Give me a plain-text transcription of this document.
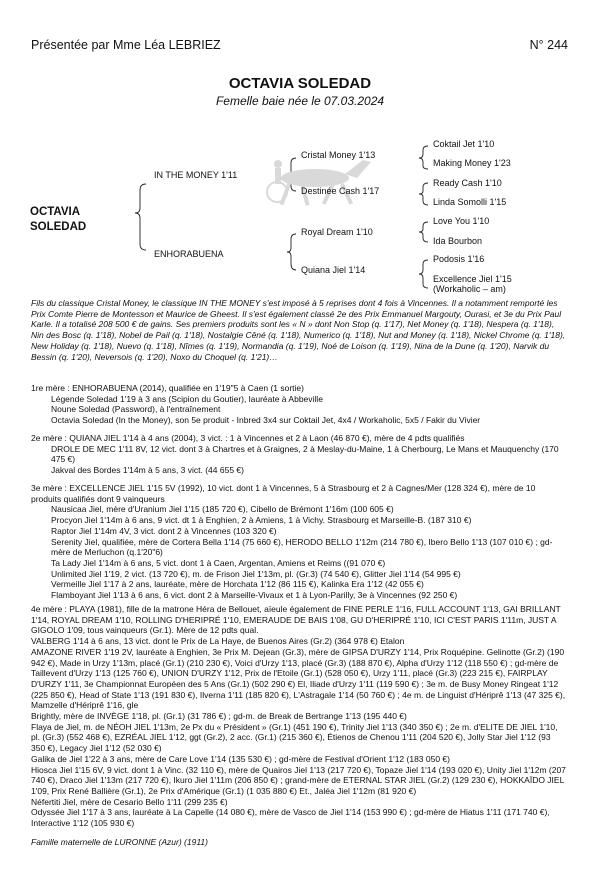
Présentée par Mme Léa LEBRIEZ	N° 244
OCTAVIA SOLEDAD
Femelle baie née le 07.03.2024
OCTAVIA
SOLEDAD
IN THE MONEY 1'11
ENHORABUENA
Cristal Money 1'13
Destinée Cash 1'17
Royal Dream 1'10
Quiana Jiel 1'14
Coktail Jet 1'10
Making Money 1'23
Ready Cash 1'10
Linda Somolli 1'15
Love You 1'10
Ida Bourbon
Podosis 1'16
Excellence Jiel 1'15
(Workaholic – am)
Fils du classique Cristal Money, le classique IN THE MONEY s'est imposé à 5 reprises dont 4 fois à Vincennes. Il a notamment remporté les Prix Comte Pierre de Montesson et Maurice de Gheest. Il s'est également classé 2e des Prix Emmanuel Margouty, Ourasi, et 3e du Prix Paul Karle. Il a totalisé 208 500 € de gains. Ses premiers produits sont les « N » dont Non Stop (q. 1'17), Net Money (q. 1'18), Nespera (q. 1'18), Nin des Bosc (q. 1'18), Nobel de Pail (q. 1'18), Nostalgie Cêné (q. 1'18), Numerico (q. 1'18), Nut and Money (q. 1'18), Nickel Chrome (q. 1'18), New Holiday (q. 1'18), Nuevo (q. 1'18), Nîmes (q. 1'19), Normandia (q. 1'19), Noé de Loison (q. 1'19), Nina de la Dune (q. 1'20), Narvik du Bessin (q. 1'20), Neversois (q. 1'20), Noxo du Choquel (q. 1'21)…
1re mère : ENHORABUENA (2014), qualifiée en 1'19"5 à Caen (1 sortie)
Légende Soledad 1'19 à 3 ans (Scipion du Goutier), lauréate à Abbeville
Noune Soledad (Password), à l'entraînement
Octavia Soledad (In the Money), son 5e produit - Inbred 3x4 sur Coktail Jet, 4x4 / Workaholic, 5x5 / Fakir du Vivier
2e mère : QUIANA JIEL 1'14 à 4 ans (2004), 3 vict. : 1 à Vincennes et 2 à Laon (46 870 €), mère de 4 pdts qualifiés
DROLE DE MEC 1'11 8V, 12 vict. dont 3 à Chartres et à Graignes, 2 à Meslay-du-Maine, 1 à Cherbourg, Le Mans et Mauquenchy (170 475 €)
Jakval des Bordes 1'14m à 5 ans, 3 vict. (44 655 €)
3e mère : EXCELLENCE JIEL 1'15 5V (1992), 10 vict. dont 1 à Vincennes, 5 à Strasbourg et 2 à Cagnes/Mer (128 324 €), mère de 10 produits qualifiés dont 9 vainqueurs
Nausicaa Jiel, mère d'Uranium Jiel 1'15 (185 720 €), Cibello de Brémont 1'16m (100 605 €)
Procyon Jiel 1'14m à 6 ans, 9 vict. dt 1 à Enghien, 2 à Amiens, 1 à Vichy. Strasbourg et Marseille-B. (187 310 €)
Raptor Jiel 1'14m 4V, 3 vict. dont 2 à Vincennes (103 320 €)
Serenity Jiel, qualifiée, mère de Cortera Bella 1'14 (75 660 €), HERODO BELLO 1'12m (214 780 €), Ibero Bello 1'13 (107 010 €) ; gd-mère de Merluchon (q.1'20"6)
Ta Lady Jiel 1'14m à 6 ans, 5 vict. dont 1 à Caen, Argentan, Amiens et Reims ((91 070 €)
Unlimited Jiel 1'19, 2 vict. (13 720 €), m. de Frison Jiel 1'13m, pl. (Gr.3) (74 540 €), Glitter Jiel 1'14 (54 995 €)
Vermeille Jiel 1'17 à 2 ans, lauréate, mère de Horchata 1'12 (86 115 €), Kalinka Era 1'12 (42 055 €)
Flamboyant Jiel 1'13 à 6 ans, 6 vict. dont 2 à Marseille-Vivaux et 1 à Lyon-Parilly, 3e à Vincennes (92 250 €)
4e mère : PLAYA (1981), fille de la matrone Héra de Bellouet, aïeule également de FINE PERLE 1'16, FULL ACCOUNT 1'13, GAI BRILLANT 1'14, ROYAL DREAM 1'10, ROLLING D'HERIPRÉ 1'10, EMERAUDE DE BAIS 1'08, GU D'HERIPRÉ 1'10, ICI C'EST PARIS 1'11m, JUST A GIGOLO 1'09, tous vainqueurs (Gr.1). Mère de 12 pdts qual.
VALBERG 1'14 à 6 ans, 13 vict. dont le Prix de La Haye, de Buenos Aires (Gr.2) (364 978 €) Etalon
AMAZONE RIVER 1'19 2V, lauréate à Enghien, 3e Prix M. Dejean (Gr.3), mère de GIPSA D'URZY 1'14, Prix Roquépine. Gelinotte (Gr.2) (190 942 €), Made in Urzy 1'13m, placé (Gr.1) (210 230 €), Voici d'Urzy 1'13, placé (Gr.3) (188 870 €), Alpha d'Urzy 1'12 (118 550 €) ; gd-mère de Taillevent d'Urzy 1'13 (125 760 €), UNION D'URZY 1'12, Prix de l'Etoile (Gr.1) (528 050 €), Urzy 1'11, placé (Gr.3) (223 215 €), FAIRPLAY D'URZY 1'11, 3e Championnat Européen des 5 Ans (Gr.1) (502 290 €) El, Iliade d'Urzy 1'11 (119 590 €) ; 3e m. de Busy Money Ringeat 1'12 (225 850 €), Head of State 1'13 (191 830 €), Ilverna 1'11 (185 820 €), L'Astragale 1'14 (50 760 €) ; 4e m. de Linguist d'Hériprê 1'13 (47 325 €), Mamzelle d'Hériprê 1'16, gle
Brightly, mère de INVÈGE 1'18, pl. (Gr.1) (31 786 €) ; gd-m. de Break de Bertrange 1'13 (195 440 €)
Flaya de Jiel, m. de NÉOH JIEL 1'13m, 2e Px du « Président » (Gr.1) (451 190 €), Trinity Jiel 1'13 (340 350 €) ; 2e m. d'ELITE DE JIEL 1'10, pl. (Gr.3) (552 468 €), EZRÉAL JIEL 1'12, ggt (Gr.2), 2 acc. (Gr.1) (215 360 €), Étienos de Chenou 1'11 (204 520 €), Jolly Star Jiel 1'12 (93 350 €), Legacy Jiel 1'12 (52 030 €)
Galika de Jiel 1'22 à 3 ans, mère de Care Love 1'14 (135 530 €) ; gd-mère de Festival d'Orient 1'12 (183 050 €)
Hiosca Jiel 1'15 6V, 9 vict. dont 1 à Vinc. (32 110 €), mère de Quairos Jiel 1'13 (217 720 €), Topaze Jiel 1'14 (193 020 €), Unity Jiel 1'12m (207 740 €), Draco Jiel 1'13m (217 720 €), Ikuro Jiel 1'11m (206 850 €) ; grand-mère de ETERNAL STAR JIEL (Gr.2) (129 230 €), HOKKAÏDO JIEL 1'09, Prix René Ballière (Gr.1), 2e Prix d'Amérique (Gr.1) (1 035 880 €) Et., Jaléa Jiel 1'12m (81 920 €)
Néfertiti Jiel, mère de Cesario Bello 1'11 (299 235 €)
Odyssée Jiel 1'17 à 3 ans, lauréate à La Capelle (14 080 €), mère de Vasco de Jiel 1'14 (153 990 €) ; gd-mère de Hiatus 1'11 (171 740 €), Interactive 1'12 (105 930 €)
Famille maternelle de LURONNE (Azur) (1911)
